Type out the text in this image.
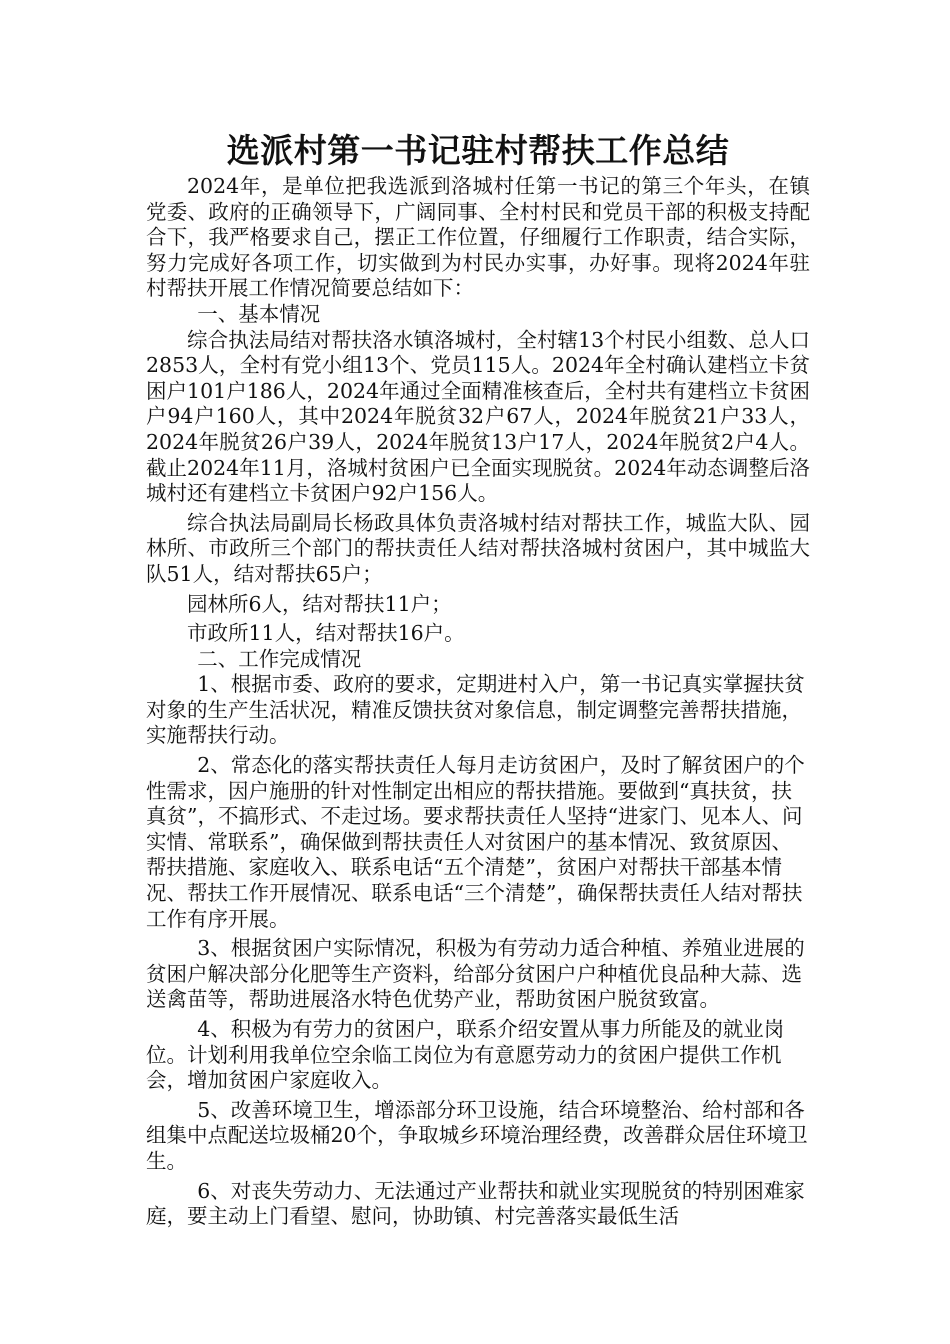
选派村第一书记驻村帮扶工作总结

2024年，是单位把我选派到洛城村任第一书记的第三个年头，在镇党委、政府的正确领导下，广阔同事、全村村民和党员干部的积极支持配合下，我严格要求自己，摆正工作位置，仔细履行工作职责，结合实际，努力完成好各项工作，切实做到为村民办实事，办好事。现将2024年驻村帮扶开展工作情况简要总结如下：

一、基本情况

综合执法局结对帮扶洛水镇洛城村，全村辖13个村民小组数、总人口2853人，全村有党小组13个、党员115人。2024年全村确认建档立卡贫困户101户186人，2024年通过全面精准核查后，全村共有建档立卡贫困户94户160人，其中2024年脱贫32户67人，2024年脱贫21户33人，2024年脱贫26户39人，2024年脱贫13户17人，2024年脱贫2户4人。截止2024年11月，洛城村贫困户已全面实现脱贫。2024年动态调整后洛城村还有建档立卡贫困户92户156人。

综合执法局副局长杨政具体负责洛城村结对帮扶工作，城监大队、园林所、市政所三个部门的帮扶责任人结对帮扶洛城村贫困户，其中城监大队51人，结对帮扶65户；

园林所6人，结对帮扶11户；

市政所11人，结对帮扶16户。

二、工作完成情况

1、根据市委、政府的要求，定期进村入户，第一书记真实掌握扶贫对象的生产生活状况，精准反馈扶贫对象信息，制定调整完善帮扶措施，实施帮扶行动。

2、常态化的落实帮扶责任人每月走访贫困户，及时了解贫困户的个性需求，因户施册的针对性制定出相应的帮扶措施。要做到“真扶贫，扶真贫”，不搞形式、不走过场。要求帮扶责任人坚持“进家门、见本人、问实情、常联系”，确保做到帮扶责任人对贫困户的基本情况、致贫原因、帮扶措施、家庭收入、联系电话“五个清楚”，贫困户对帮扶干部基本情况、帮扶工作开展情况、联系电话“三个清楚”，确保帮扶责任人结对帮扶工作有序开展。

3、根据贫困户实际情况，积极为有劳动力适合种植、养殖业进展的贫困户解决部分化肥等生产资料，给部分贫困户户种植优良品种大蒜、选送禽苗等，帮助进展洛水特色优势产业，帮助贫困户脱贫致富。

4、积极为有劳力的贫困户，联系介绍安置从事力所能及的就业岗位。计划利用我单位空余临工岗位为有意愿劳动力的贫困户提供工作机会，增加贫困户家庭收入。

5、改善环境卫生，增添部分环卫设施，结合环境整治、给村部和各组集中点配送垃圾桶20个，争取城乡环境治理经费，改善群众居住环境卫生。

6、对丧失劳动力、无法通过产业帮扶和就业实现脱贫的特别困难家庭，要主动上门看望、慰问，协助镇、村完善落实最低生活
